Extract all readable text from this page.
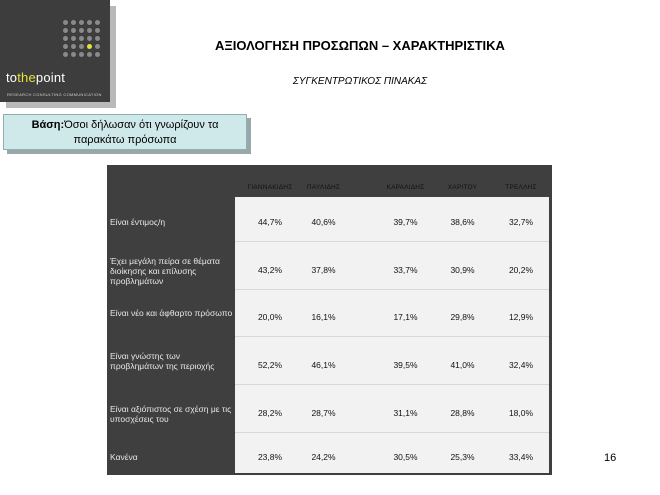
tothepoint
RESEARCH CONSULTING COMMUNICATION
ΑΞΙΟΛΟΓΗΣΗ ΠΡΟΣΩΠΩΝ – ΧΑΡΑΚΤΗΡΙΣΤΙΚΑ
ΣΥΓΚΕΝΤΡΩΤΙΚΟΣ ΠΙΝΑΚΑΣ
Βάση:Όσοι δήλωσαν ότι γνωρίζουν τα
παρακάτω πρόσωπα
ΓΙΑΝΝΑΚΙΔΗΣ	ΠΑΥΛΙΔΗΣ	ΚΑΡΑΛΙΔΗΣ	ΧΑΡΙΤΟΥ	ΤΡΕΛΛΗΣ
Είναι έντιμος/η	44,7%	40,6%	39,7%	38,6%	32,7%
Έχει μεγάλη πείρα σε θέματα διοίκησης και επίλυσης προβλημάτων
43,2%	37,8%	33,7%	30,9%	20,2%
Είναι νέο και άφθαρτο πρόσωπο	20,0%	16,1%	17,1%	29,8%	12,9%
Είναι γνώστης των προβλημάτων της περιοχής	52,2%	46,1%	39,5%	41,0%	32,4%
Είναι αξιόπιστος σε σχέση με τις υποσχέσεις του
28,2%	28,7%	31,1%	28,8%	18,0%
Κανένα	23,8%	24,2%	30,5%	25,3%	33,4%	16
